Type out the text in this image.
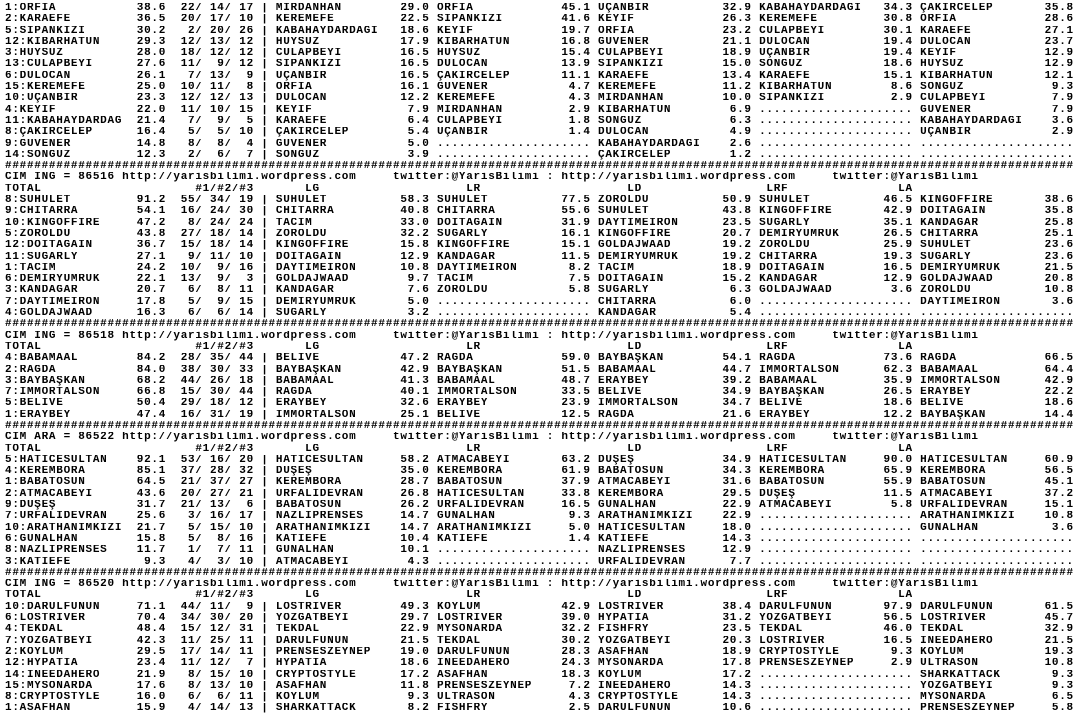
1:ORFİA           38.6  22/ 14/ 17 | MİRDANHAN        29.0 ORFİA            45.1 UÇANBİR          32.9 KABAHAYDARDAĞI   34.3 ÇAKIRCELEP       35.8
2:KARAEFE         36.5  20/ 17/ 10 | KEREMEFE         22.5 SİPANKIZI        41.6 KEYİF            26.3 KEREMEFE         30.8 ORFİA            28.6
5:SİPANKIZI       30.2   2/ 20/ 26 | KABAHAYDARDAĞI   18.6 KEYİF            19.7 ORFİA            23.2 CULAPBEYİ        30.1 KARAEFE          27.1
12:KİBARHATUN     29.3  12/ 13/ 12 | HUYSUZ           17.9 KİBARHATUN       16.8 GÜVENER          21.1 DULOCAN          19.4 DULOCAN          23.7
3:HUYSUZ          28.0  18/ 12/ 12 | CULAPBEYİ        16.5 HUYSUZ           15.4 CULAPBEYİ        18.9 UÇANBİR          19.4 KEYİF            12.9
13:CULAPBEYİ      27.6  11/  9/ 12 | SİPANKIZI        16.5 DULOCAN          13.9 SİPANKIZI        15.0 SONGÜZ           18.6 HUYSUZ           12.9
6:DULOCAN         26.1   7/ 13/  9 | UÇANBİR          16.5 ÇAKIRCELEP       11.1 KARAEFE          13.4 KARAEFE          15.1 KİBARHATUN       12.1
15:KEREMEFE       25.0  10/ 11/  8 | ORFİA            16.1 GÜVENER           4.7 KEREMEFE         11.2 KİBARHATUN        8.6 SONGÜZ            9.3
10:UÇANBİR        23.3  12/ 12/ 13 | DULOCAN          12.2 KEREMEFE          4.3 MİRDANHAN        10.0 SİPANKIZI         2.9 CULAPBEYİ         7.9
4:KEYİF           22.0  11/ 10/ 15 | KEYİF             7.9 MİRDANHAN         2.9 KİBARHATUN        6.9 ..................... GÜVENER           7.9
11:KABAHAYDARDAĞ  21.4   7/  9/  5 | KARAEFE           6.4 CULAPBEYİ         1.8 SONGÜZ            6.3 ..................... KABAHAYDARDAĞI    3.6
8:ÇAKIRCELEP      16.4   5/  5/ 10 | ÇAKIRCELEP        5.4 UÇANBİR           1.4 DULOCAN           4.9 ..................... UÇANBİR           2.9
9:GÜVENER         14.8   8/  8/  4 | GÜVENER           5.0 ..................... KABAHAYDARDAĞI    2.6 ..................... .....................
14:SONGÜZ         12.3   2/  6/  7 | SONGÜZ            3.9 ..................... ÇAKIRCELEP        1.2 ..................... .....................
##################################################################################################################################################
CIM ING = 86516 http://yarisbilimi.wordpress.com     twitter:@YarisBilimi : http://yarisbilimi.wordpress.com     twitter:@YarisBilimi
TOTAL                     #1/#2/#3       LG                    LR                    LD                 LRF               LA
8:SUHULET         91.2  55/ 34/ 19 | SUHULET          58.3 SUHULET          77.5 ZOROLDU          50.9 SUHULET          46.5 KINGOFFIRE       38.6
9:CHITARRA        54.1  16/ 24/ 30 | CHITARRA         40.8 CHITARRA         55.6 SUHULET          43.8 KINGOFFIRE       42.9 DOITAGAIN        35.8
10:KINGOFFIRE     47.2   8/ 24/ 24 | TACIM            33.0 DOITAGAIN        31.9 DAYTIMEIRON      23.5 SUGARLY          35.1 KANDAGAR         25.8
5:ZOROLDU         43.8  27/ 18/ 14 | ZOROLDU          32.2 SUGARLY          16.1 KINGOFFIRE       20.7 DEMİRYUMRUK      26.5 CHITARRA         25.1
12:DOITAGAIN      36.7  15/ 18/ 14 | KINGOFFIRE       15.8 KINGOFFIRE       15.1 GOLDAJWAAD       19.2 ZOROLDU          25.9 SUHULET          23.6
11:SUGARLY        27.1   9/ 11/ 10 | DOITAGAIN        12.9 KANDAGAR         11.5 DEMİRYUMRUK      19.2 CHITARRA         19.3 SUGARLY          23.6
1:TACIM           24.2  10/  9/ 16 | DAYTIMEIRON      10.8 DAYTIMEIRON       8.2 TACIM            18.9 DOITAGAIN        16.5 DEMİRYUMRUK      21.5
6:DEMİRYUMRUK     22.1  13/  9/  3 | GOLDAJWAAD        9.7 TACIM             7.5 DOITAGAIN        15.2 KANDAGAR         12.9 GOLDAJWAAD       20.8
3:KANDAGAR        20.7   6/  8/ 11 | KANDAGAR          7.6 ZOROLDU           5.8 SUGARLY           6.3 GOLDAJWAAD        3.6 ZOROLDU          10.8
7:DAYTIMEIRON     17.8   5/  9/ 15 | DEMİRYUMRUK       5.0 ..................... CHITARRA          6.0 ..................... DAYTIMEIRON       3.6
4:GOLDAJWAAD      16.3   6/  6/ 14 | SUGARLY           3.2 ..................... KANDAGAR          5.4 ..................... .....................
##################################################################################################################################################
CIM ING = 86518 http://yarisbilimi.wordpress.com     twitter:@YarisBilimi : http://yarisbilimi.wordpress.com     twitter:@YarisBilimi
TOTAL                     #1/#2/#3       LG                    LR                    LD                 LRF               LA
4:BABAMAAL        84.2  28/ 35/ 44 | BELIVE           47.2 RAĞDA            59.0 BAYBAŞKAN        54.1 RAĞDA            73.6 RAĞDA            66.5
2:RAĞDA           84.0  38/ 30/ 33 | BAYBAŞKAN        42.9 BAYBAŞKAN        51.5 BABAMAAL         44.7 IMMORTALSON      62.3 BABAMAAL         64.4
3:BAYBAŞKAN       68.2  44/ 26/ 18 | BABAMAAL         41.3 BABAMAAL         48.7 ERAYBEY          39.2 BABAMAAL         35.9 IMMORTALSON      42.9
7:IMMORTALSON     66.8  15/ 30/ 44 | RAĞDA            40.1 IMMORTALSON      33.5 BELIVE           34.9 BAYBAŞKAN        26.5 ERAYBEY          22.2
5:BELIVE          50.4  29/ 18/ 12 | ERAYBEY          32.6 ERAYBEY          23.9 IMMORTALSON      34.7 BELIVE           18.6 BELIVE           18.6
1:ERAYBEY         47.4  16/ 31/ 19 | IMMORTALSON      25.1 BELIVE           12.5 RAĞDA            21.6 ERAYBEY          12.2 BAYBAŞKAN        14.4
##################################################################################################################################################
CIM ARA = 86522 http://yarisbilimi.wordpress.com     twitter:@YarisBilimi : http://yarisbilimi.wordpress.com     twitter:@YarisBilimi
TOTAL                     #1/#2/#3       LG                    LR                    LD                 LRF               LA
5:HATİCESULTAN    92.1  53/ 16/ 20 | HATİCESULTAN     58.2 ATMACABEYİ       63.2 DÜŞEŞ            34.9 HATİCESULTAN     90.0 HATİCESULTAN     60.9
4:KEREMBORA       85.1  37/ 28/ 32 | DÜŞEŞ            35.0 KEREMBORA        61.9 BABATOSUN        34.3 KEREMBORA        65.9 KEREMBORA        56.5
1:BABATOSUN       64.5  21/ 37/ 27 | KEREMBORA        28.7 BABATOSUN        37.9 ATMACABEYİ       31.6 BABATOSUN        55.9 BABATOSUN        45.1
2:ATMACABEYİ      43.6  20/ 27/ 21 | URFALIDEVRAN     26.8 HATİCESULTAN     33.8 KEREMBORA        29.5 DÜŞEŞ            11.5 ATMACABEYİ       37.2
9:DÜŞEŞ           31.7  21/ 13/  6 | BABATOSUN        26.2 URFALIDEVRAN     16.5 GÜNALHAN         22.9 ATMACABEYİ        5.8 URFALIDEVRAN     15.1
7:URFALIDEVRAN    25.6   3/ 16/ 17 | NAZLIPRENSES     14.7 GÜNALHAN          9.3 ARATHANIMKIZI    22.9 ..................... ARATHANIMKIZI    10.8
10:ARATHANIMKIZI  21.7   5/ 15/ 10 | ARATHANIMKIZI    14.7 ARATHANIMKIZI     5.0 HATİCESULTAN     18.0 ..................... GÜNALHAN          3.6
6:GÜNALHAN        15.8   5/  8/ 16 | KATIEFE          10.4 KATIEFE           1.4 KATIEFE          14.3 ..................... .....................
8:NAZLIPRENSES    11.7   1/  7/ 11 | GÜNALHAN         10.1 ..................... NAZLIPRENSES     12.9 ..................... .....................
3:KATIEFE          9.3   4/  3/ 10 | ATMACABEYİ        4.3 ..................... URFALIDEVRAN      7.7 ..................... .....................
##################################################################################################################################################
CIM ING = 86520 http://yarisbilimi.wordpress.com     twitter:@YarisBilimi : http://yarisbilimi.wordpress.com     twitter:@YarisBilimi
TOTAL                     #1/#2/#3       LG                    LR                    LD                 LRF               LA
10:DARÜLFÜNUN     71.1  44/ 11/  9 | LOSTRIVER        49.3 KÖYLÜM           42.9 LOSTRIVER        38.4 DARÜLFÜNUN       97.9 DARÜLFÜNUN       61.5
6:LOSTRIVER       70.4  34/ 30/ 20 | YOZGATBEYİ       29.7 LOSTRIVER        39.0 HYPATIA          31.2 YOZGATBEYİ       56.5 LOSTRIVER        45.7
4:TEKDAL          48.4  15/ 12/ 31 | TEKDAL           22.9 MYSONARDA        32.2 FISHFRY          23.5 TEKDAL           46.0 TEKDAL           32.9
7:YOZGATBEYİ      42.3  11/ 25/ 11 | DARÜLFÜNUN       21.5 TEKDAL           30.2 YOZGATBEYİ       20.3 LOSTRIVER        16.5 INEEDAHERO       21.5
2:KÖYLÜM          29.5  17/ 14/ 11 | PRENSESZEYNEP    19.0 DARÜLFÜNUN       28.3 ASAFHAN          18.9 CRYPTOSTYLE       9.3 KÖYLÜM           19.3
12:HYPATIA        23.4  11/ 12/  7 | HYPATIA          18.6 INEEDAHERO       24.3 MYSONARDA        17.8 PRENSESZEYNEP     2.9 ULTRASON         10.8
14:INEEDAHERO     21.9   8/ 15/ 10 | CRYPTOSTYLE      17.2 ASAFHAN          18.3 KÖYLÜM           17.2 ..................... SHARKATTACK       9.3
15:MYSONARDA      17.6   8/ 13/ 10 | ASAFHAN          11.8 PRENSESZEYNEP     7.2 INEEDAHERO       14.3 ..................... YOZGATBEYİ        9.3
8:CRYPTOSTYLE     16.0   6/  6/ 11 | KÖYLÜM            9.3 ULTRASON          4.3 CRYPTOSTYLE      14.3 ..................... MYSONARDA         6.5
1:ASAFHAN         15.9   4/ 14/ 13 | SHARKATTACK       8.2 FISHFRY           2.5 DARÜLFÜNUN       10.6 ..................... PRENSESZEYNEP     5.8
